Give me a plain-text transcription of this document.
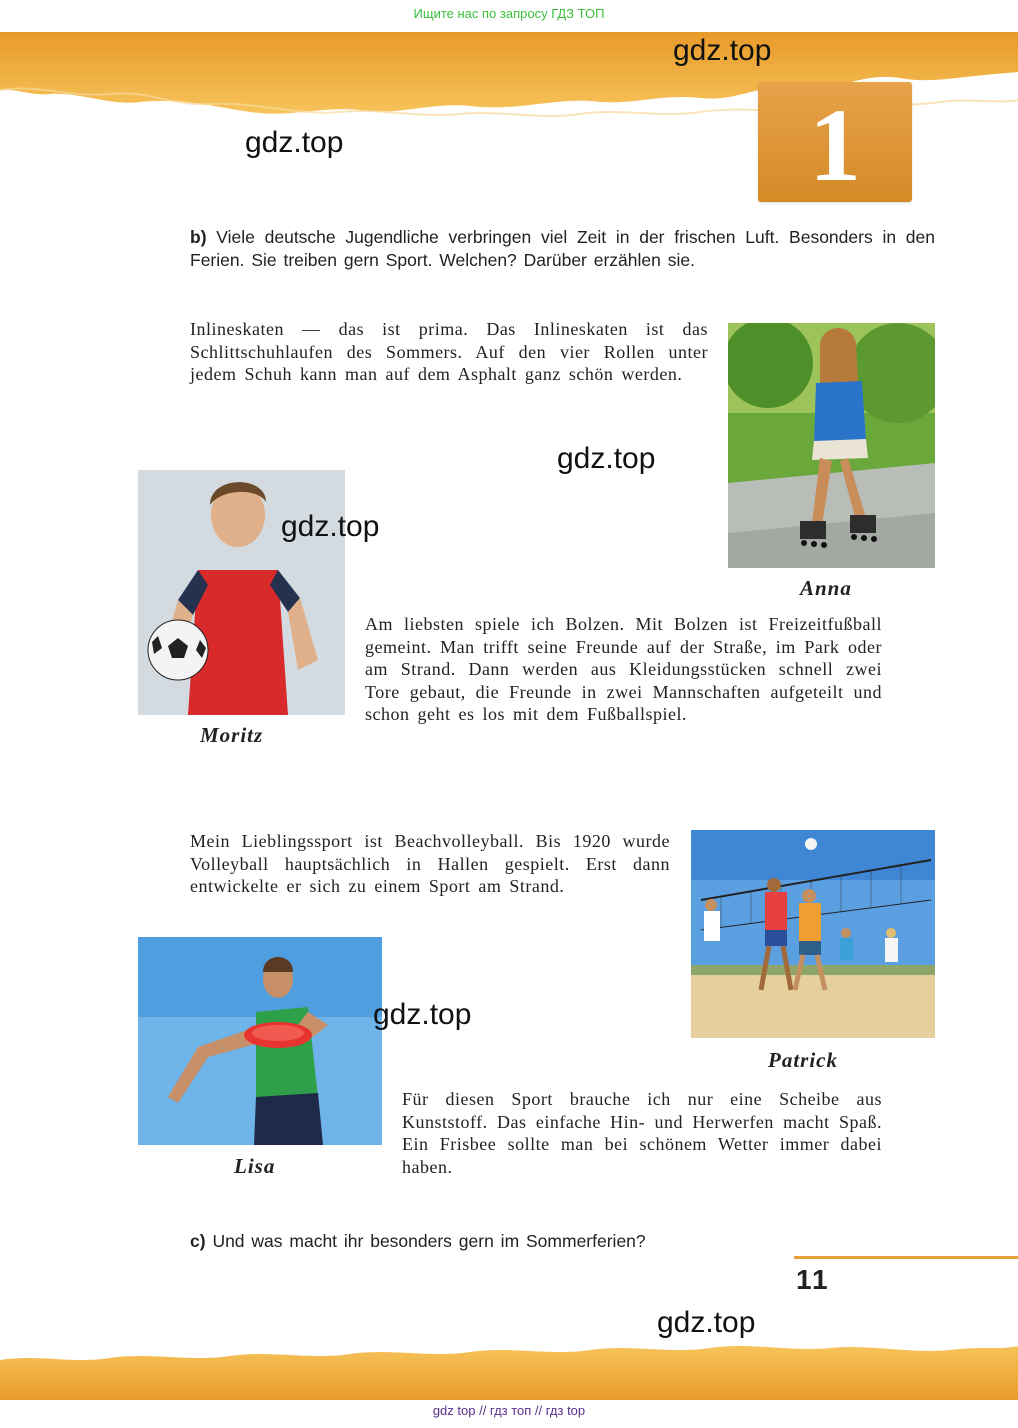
Ищите нас по запросу ГДЗ ТОП
1
gdz.top
gdz.top
b) Viele deutsche Jugendliche verbringen viel Zeit in der frischen Luft. Besonders in den Ferien. Sie treiben gern Sport. Welchen? Darüber erzählen sie.
Inlineskaten — das ist prima. Das Inlineskaten ist das Schlittschuhlaufen des Sommers. Auf den vier Rollen unter jedem Schuh kann man auf dem Asphalt ganz schön werden.
Anna
gdz.top
Moritz
gdz.top
Am liebsten spiele ich Bolzen. Mit Bolzen ist Freizeitfußball gemeint. Man trifft seine Freunde auf der Straße, im Park oder am Strand. Dann werden aus Kleidungsstücken schnell zwei Tore gebaut, die Freunde in zwei Mannschaften aufgeteilt und schon geht es los mit dem Fußballspiel.
Mein Lieblingssport ist Beachvolleyball. Bis 1920 wurde Volleyball hauptsächlich in Hallen gespielt. Erst dann entwickelte er sich zu einem Sport am Strand.
Patrick
Lisa
gdz.top
Für diesen Sport brauche ich nur eine Scheibe aus Kunststoff. Das einfache Hin- und Herwerfen macht Spaß. Ein Frisbee sollte man bei schönem Wetter immer dabei haben.
c) Und was macht ihr besonders gern im Sommerferien?
11
gdz.top
gdz top // гдз топ // гдз top
